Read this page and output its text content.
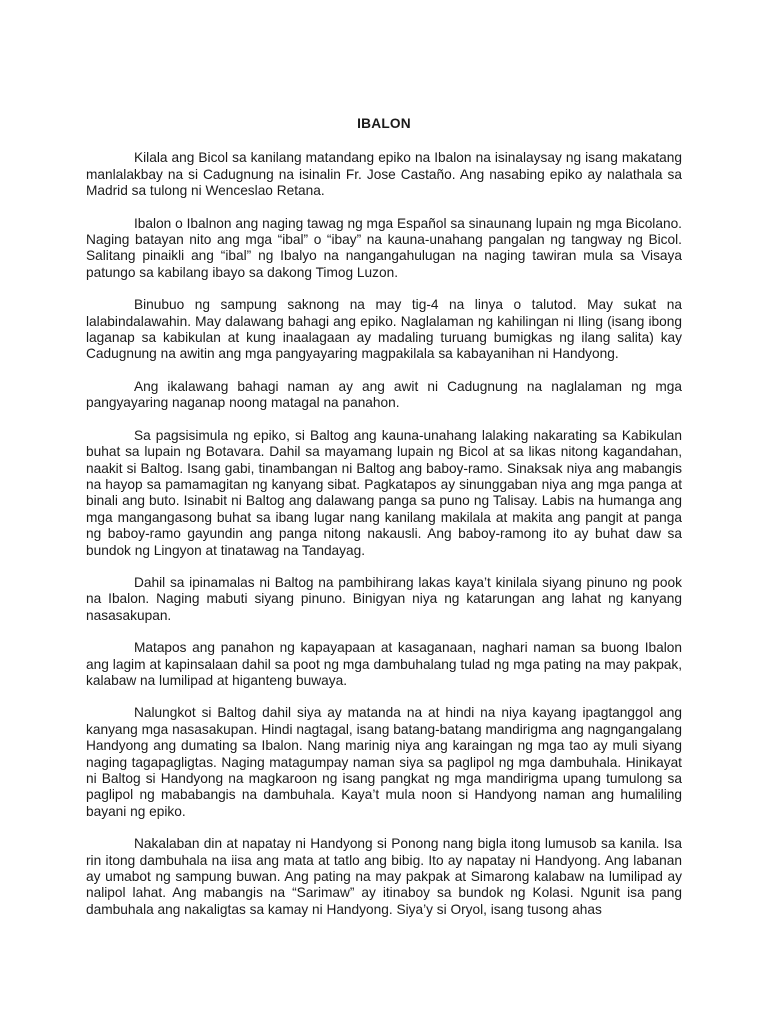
IBALON

Kilala ang Bicol sa kanilang matandang epiko na Ibalon na isinalaysay ng isang makatang manlalakbay na si Cadugnung na isinalin Fr. Jose Castaño. Ang nasabing epiko ay nalathala sa Madrid sa tulong ni Wenceslao Retana.

Ibalon o Ibalnon ang naging tawag ng mga Español sa sinaunang lupain ng mga Bicolano. Naging batayan nito ang mga “ibal” o “ibay” na kauna-unahang pangalan ng tangway ng Bicol. Salitang pinaikli ang “ibal” ng Ibalyo na nangangahulugan na naging tawiran mula sa Visaya patungo sa kabilang ibayo sa dakong Timog Luzon.

Binubuo ng sampung saknong na may tig-4 na linya o talutod. May sukat na lalabindalawahin. May dalawang bahagi ang epiko. Naglalaman ng kahilingan ni Iling (isang ibong laganap sa kabikulan at kung inaalagaan ay madaling turuang bumigkas ng ilang salita) kay Cadugnung na awitin ang mga pangyayaring magpakilala sa kabayanihan ni Handyong.

Ang ikalawang bahagi naman ay ang awit ni Cadugnung na naglalaman ng mga pangyayaring naganap noong matagal na panahon.

Sa pagsisimula ng epiko, si Baltog ang kauna-unahang lalaking nakarating sa Kabikulan buhat sa lupain ng Botavara. Dahil sa mayamang lupain ng Bicol at sa likas nitong kagandahan, naakit si Baltog. Isang gabi, tinambangan ni Baltog ang baboy-ramo. Sinaksak niya ang mabangis na hayop sa pamamagitan ng kanyang sibat. Pagkatapos ay sinunggaban niya ang mga panga at binali ang buto. Isinabit ni Baltog ang dalawang panga sa puno ng Talisay. Labis na humanga ang mga mangangasong buhat sa ibang lugar nang kanilang makilala at makita ang pangit at panga ng baboy-ramo gayundin ang panga nitong nakausli. Ang baboy-ramong ito ay buhat daw sa bundok ng Lingyon at tinatawag na Tandayag.

Dahil sa ipinamalas ni Baltog na pambihirang lakas kaya’t kinilala siyang pinuno ng pook na Ibalon. Naging mabuti siyang pinuno. Binigyan niya ng katarungan ang lahat ng kanyang nasasakupan.

Matapos ang panahon ng kapayapaan at kasaganaan, naghari naman sa buong Ibalon ang lagim at kapinsalaan dahil sa poot ng mga dambuhalang tulad ng mga pating na may pakpak, kalabaw na lumilipad at higanteng buwaya.

Nalungkot si Baltog dahil siya ay matanda na at hindi na niya kayang ipagtanggol ang kanyang mga nasasakupan. Hindi nagtagal, isang batang-batang mandirigma ang nagngangalang Handyong ang dumating sa Ibalon. Nang marinig niya ang karaingan ng mga tao ay muli siyang naging tagapagligtas. Naging matagumpay naman siya sa paglipol ng mga dambuhala. Hinikayat ni Baltog si Handyong na magkaroon ng isang pangkat ng mga mandirigma upang tumulong sa paglipol ng mababangis na dambuhala. Kaya’t mula noon si Handyong naman ang humaliling bayani ng epiko.

Nakalaban din at napatay ni Handyong si Ponong nang bigla itong lumusob sa kanila. Isa rin itong dambuhala na iisa ang mata at tatlo ang bibig. Ito ay napatay ni Handyong. Ang labanan ay umabot ng sampung buwan. Ang pating na may pakpak at Simarong kalabaw na lumilipad ay nalipol lahat. Ang mabangis na “Sarimaw” ay itinaboy sa bundok ng Kolasi. Ngunit isa pang dambuhala ang nakaligtas sa kamay ni Handyong. Siya’y si Oryol, isang tusong ahas
